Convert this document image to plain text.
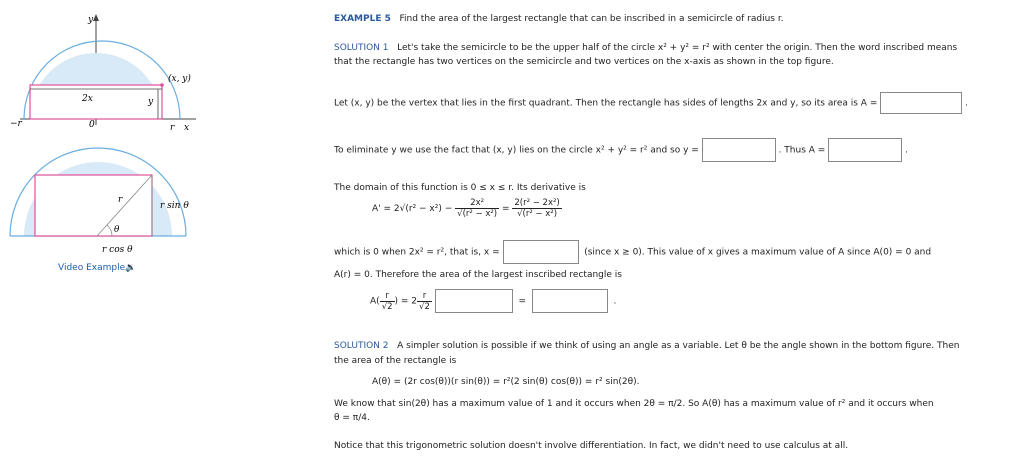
y
(x, y)
2x	y
−r	0	r x
r
r sin θ
θ
r cos θ
Video Example🔉
EXAMPLE 5 Find the area of the largest rectangle that can be inscribed in a semicircle of radius r.
SOLUTION 1 Let's take the semicircle to be the upper half of the circle x² + y² = r² with center the origin. Then the word inscribed means
that the rectangle has two vertices on the semicircle and two vertices on the x-axis as shown in the top figure.
Let (x, y) be the vertex that lies in the first quadrant. Then the rectangle has sides of lengths 2x and y, so its area is A =	.
To eliminate y we use the fact that (x, y) lies on the circle x² + y² = r² and so y =	. Thus A =	.
The domain of this function is 0 ≤ x ≤ r. Its derivative is
$A' = 2√(r^2 - x^2) - \frac{\text{2x²}}{\text{√(r² − x²)}} = \frac{\text{2(r² − 2x²)}}{\text{√(r² − x²)}}$
which is 0 when 2x² = r², that is, x =	(since x ≥ 0). This value of x gives a maximum value of A since A(0) = 0 and
A(r) = 0. Therefore the area of the largest inscribed rectangle is
$A( \frac{r}{√2}$ ) = $2 \frac{r}{√2}$	=	.
SOLUTION 2 A simpler solution is possible if we think of using an angle as a variable. Let θ be the angle shown in the bottom figure. Then
the area of the rectangle is
A(θ) = (2r cos(θ))(r sin(θ)) = r²(2 sin(θ) cos(θ)) = r² sin(2θ).
We know that sin(2θ) has a maximum value of 1 and it occurs when 2θ = π/2. So A(θ) has a maximum value of r² and it occurs when
θ = π/4.
Notice that this trigonometric solution doesn't involve differentiation. In fact, we didn't need to use calculus at all.
